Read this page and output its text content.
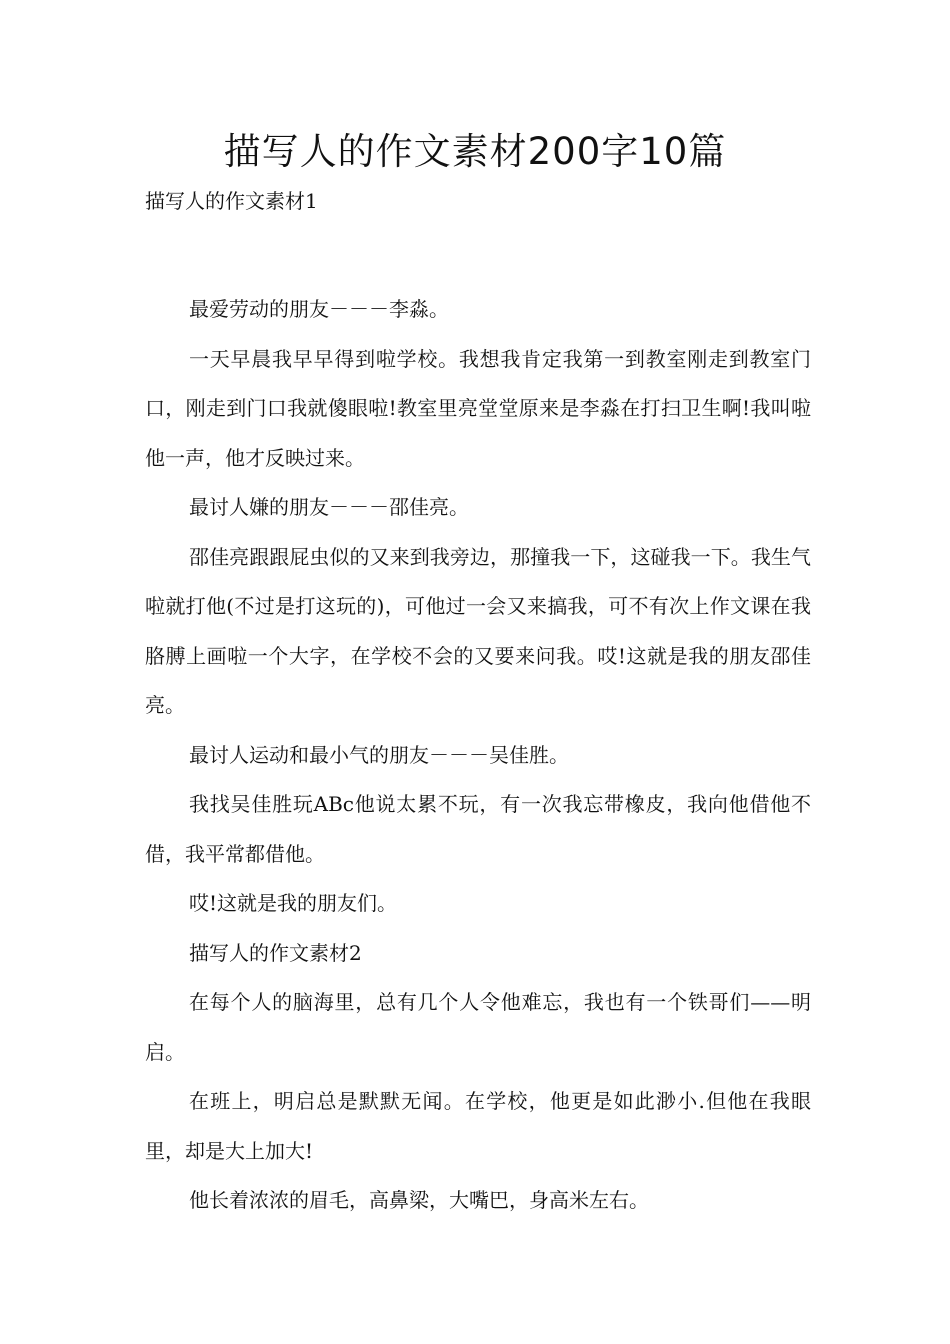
描写人的作文素材200字10篇
描写人的作文素材1

最爱劳动的朋友－－－李淼。

一天早晨我早早得到啦学校。我想我肯定我第一到教室刚走到教室门口，刚走到门口我就傻眼啦!教室里亮堂堂原来是李淼在打扫卫生啊!我叫啦他一声，他才反映过来。

最讨人嫌的朋友－－－邵佳亮。

邵佳亮跟跟屁虫似的又来到我旁边，那撞我一下，这碰我一下。我生气啦就打他(不过是打这玩的)，可他过一会又来搞我，可不有次上作文课在我胳膊上画啦一个大字，在学校不会的又要来问我。哎!这就是我的朋友邵佳亮。

最讨人运动和最小气的朋友－－－吴佳胜。

我找吴佳胜玩ABc他说太累不玩，有一次我忘带橡皮，我向他借他不借，我平常都借他。

哎!这就是我的朋友们。

描写人的作文素材2

在每个人的脑海里，总有几个人令他难忘，我也有一个铁哥们——明启。

在班上，明启总是默默无闻。在学校，他更是如此渺小.但他在我眼里，却是大上加大!

他长着浓浓的眉毛，高鼻梁，大嘴巴，身高米左右。
